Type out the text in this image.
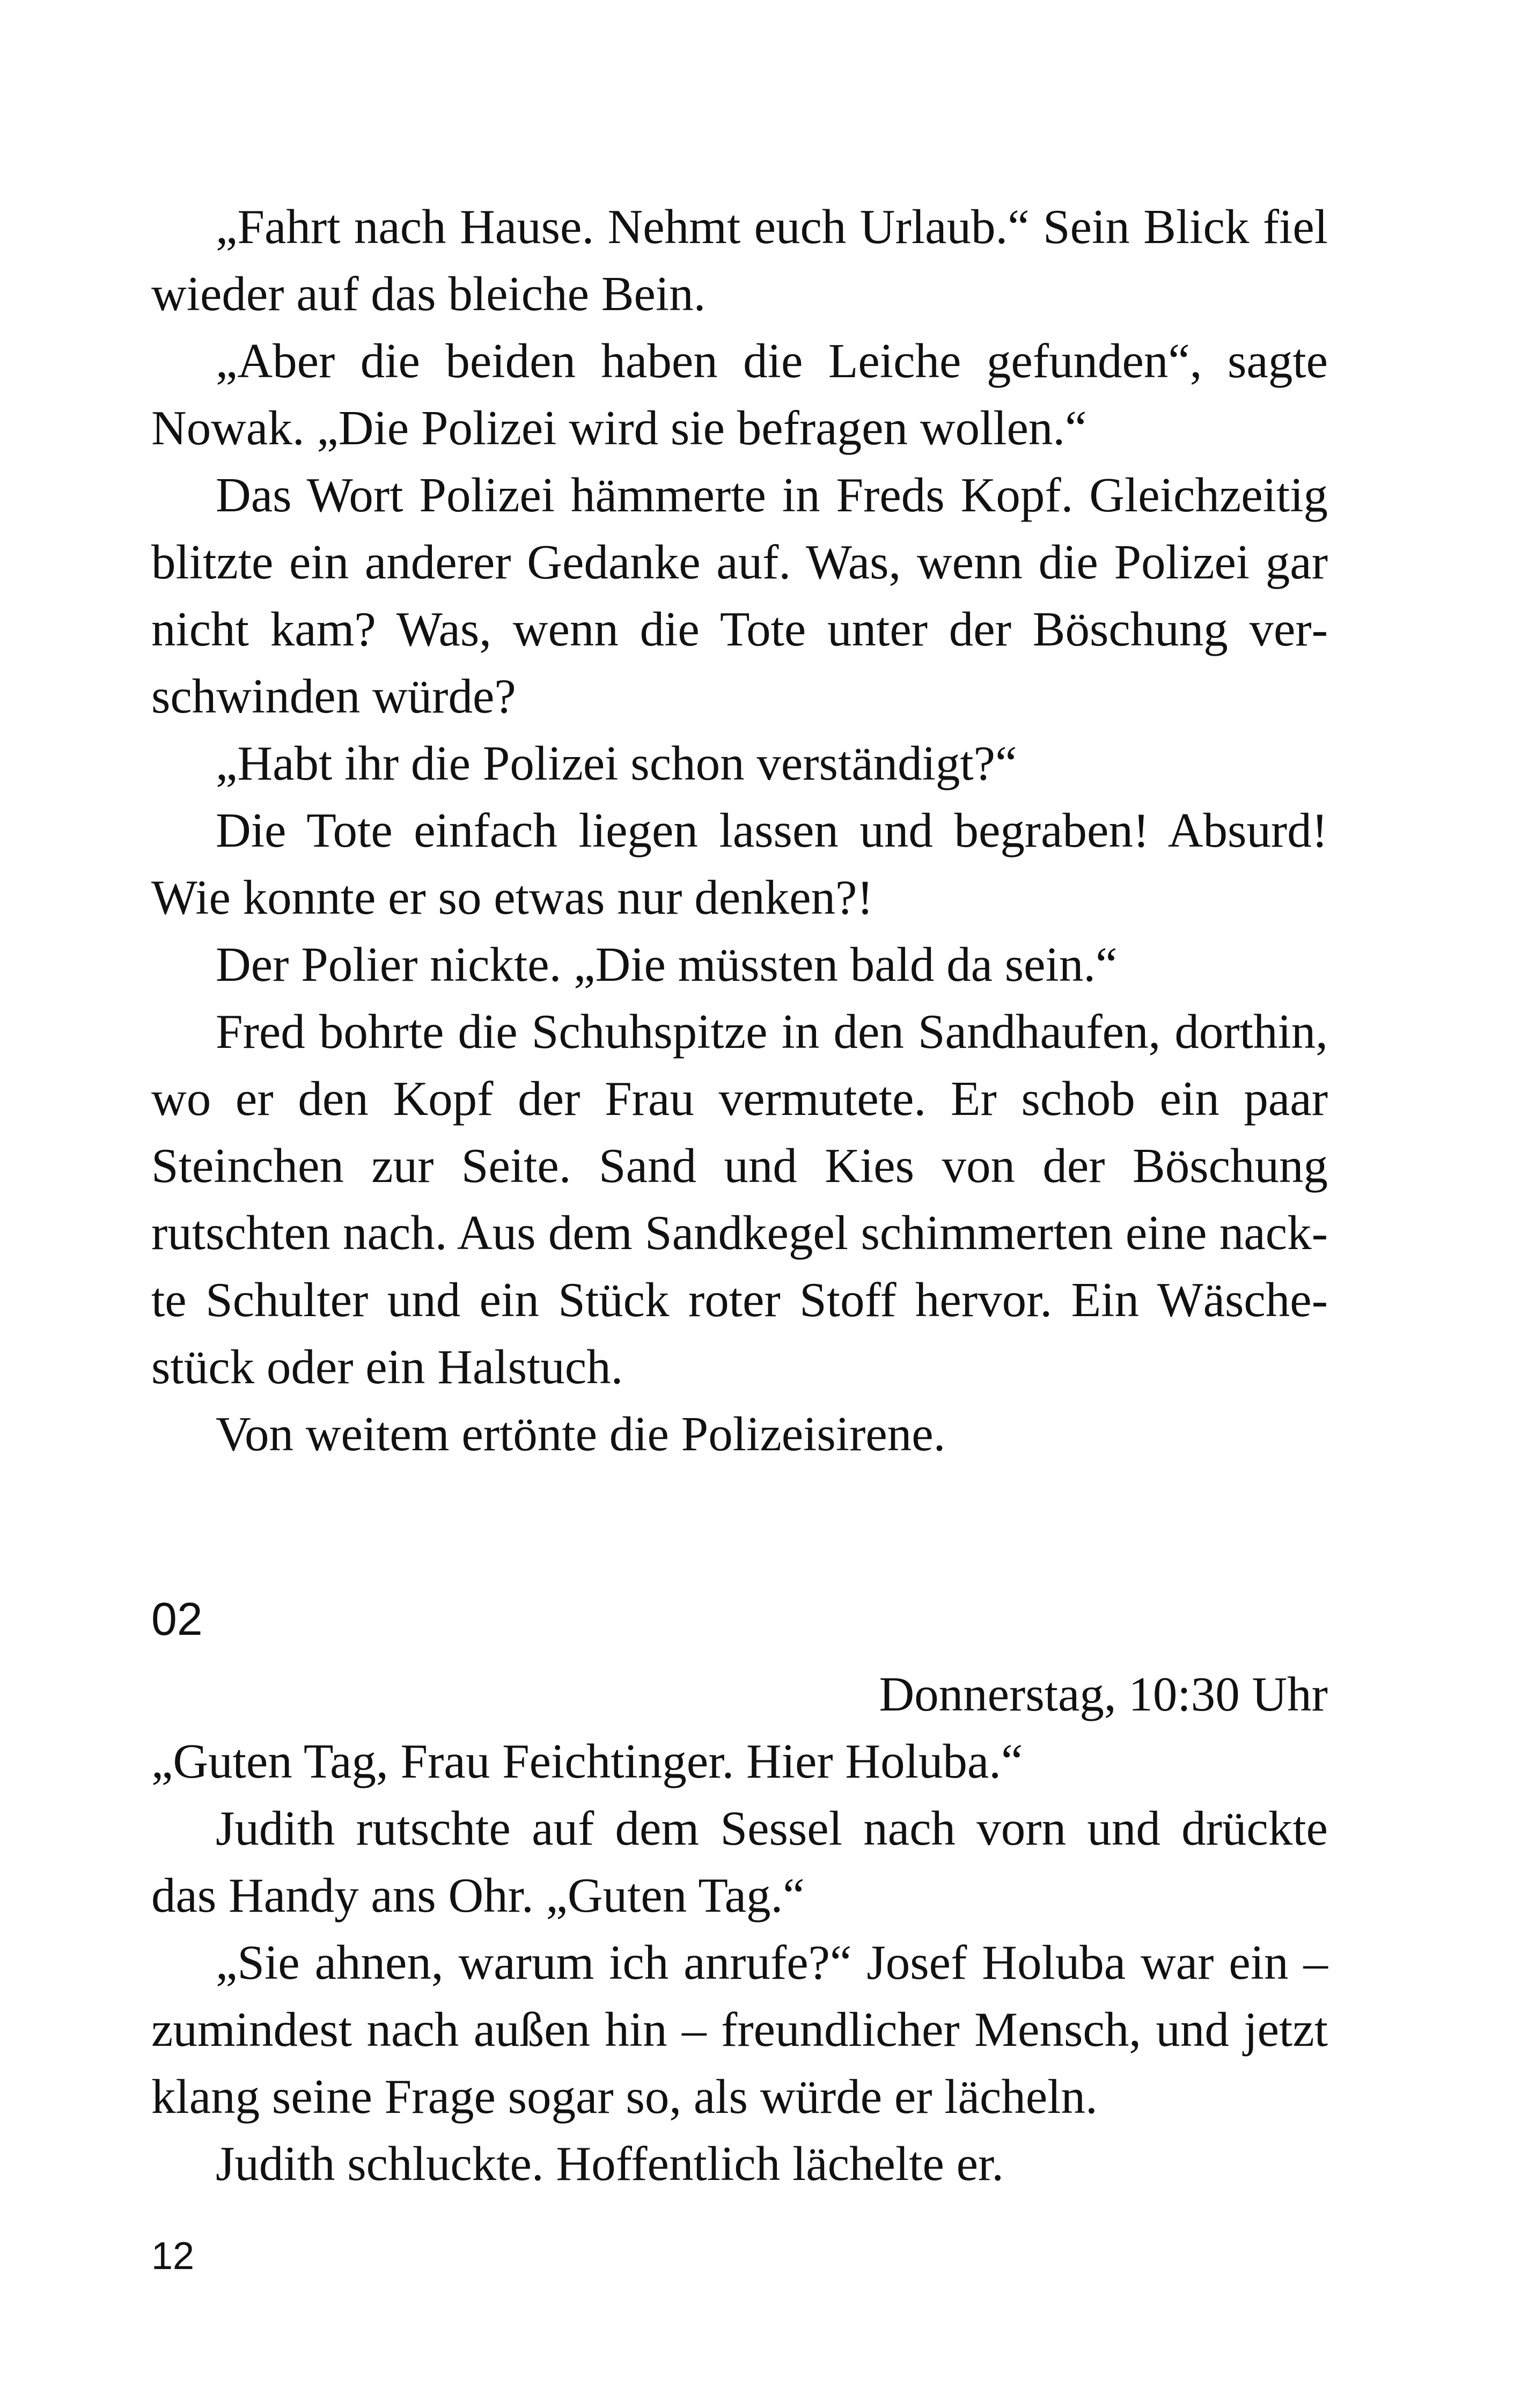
„Fahrt nach Hause. Nehmt euch Urlaub.“ Sein Blick fiel wieder auf das bleiche Bein.

„Aber die beiden haben die Leiche gefunden“, sagte Nowak. „Die Polizei wird sie befragen wollen.“

Das Wort Polizei hämmerte in Freds Kopf. Gleichzeitig blitzte ein anderer Gedanke auf. Was, wenn die Polizei gar nicht kam? Was, wenn die Tote unter der Böschung verschwinden würde?

„Habt ihr die Polizei schon verständigt?“

Die Tote einfach liegen lassen und begraben! Absurd! Wie konnte er so etwas nur denken?!

Der Polier nickte. „Die müssten bald da sein.“

Fred bohrte die Schuhspitze in den Sandhaufen, dorthin, wo er den Kopf der Frau vermutete. Er schob ein paar Steinchen zur Seite. Sand und Kies von der Böschung rutschten nach. Aus dem Sandkegel schimmerten eine nackte Schulter und ein Stück roter Stoff hervor. Ein Wäschestück oder ein Halstuch.

Von weitem ertönte die Polizeisirene.

02

Donnerstag, 10:30 Uhr

„Guten Tag, Frau Feichtinger. Hier Holuba.“

Judith rutschte auf dem Sessel nach vorn und drückte das Handy ans Ohr. „Guten Tag.“

„Sie ahnen, warum ich anrufe?“ Josef Holuba war ein – zumindest nach außen hin – freundlicher Mensch, und jetzt klang seine Frage sogar so, als würde er lächeln.

Judith schluckte. Hoffentlich lächelte er.

12
